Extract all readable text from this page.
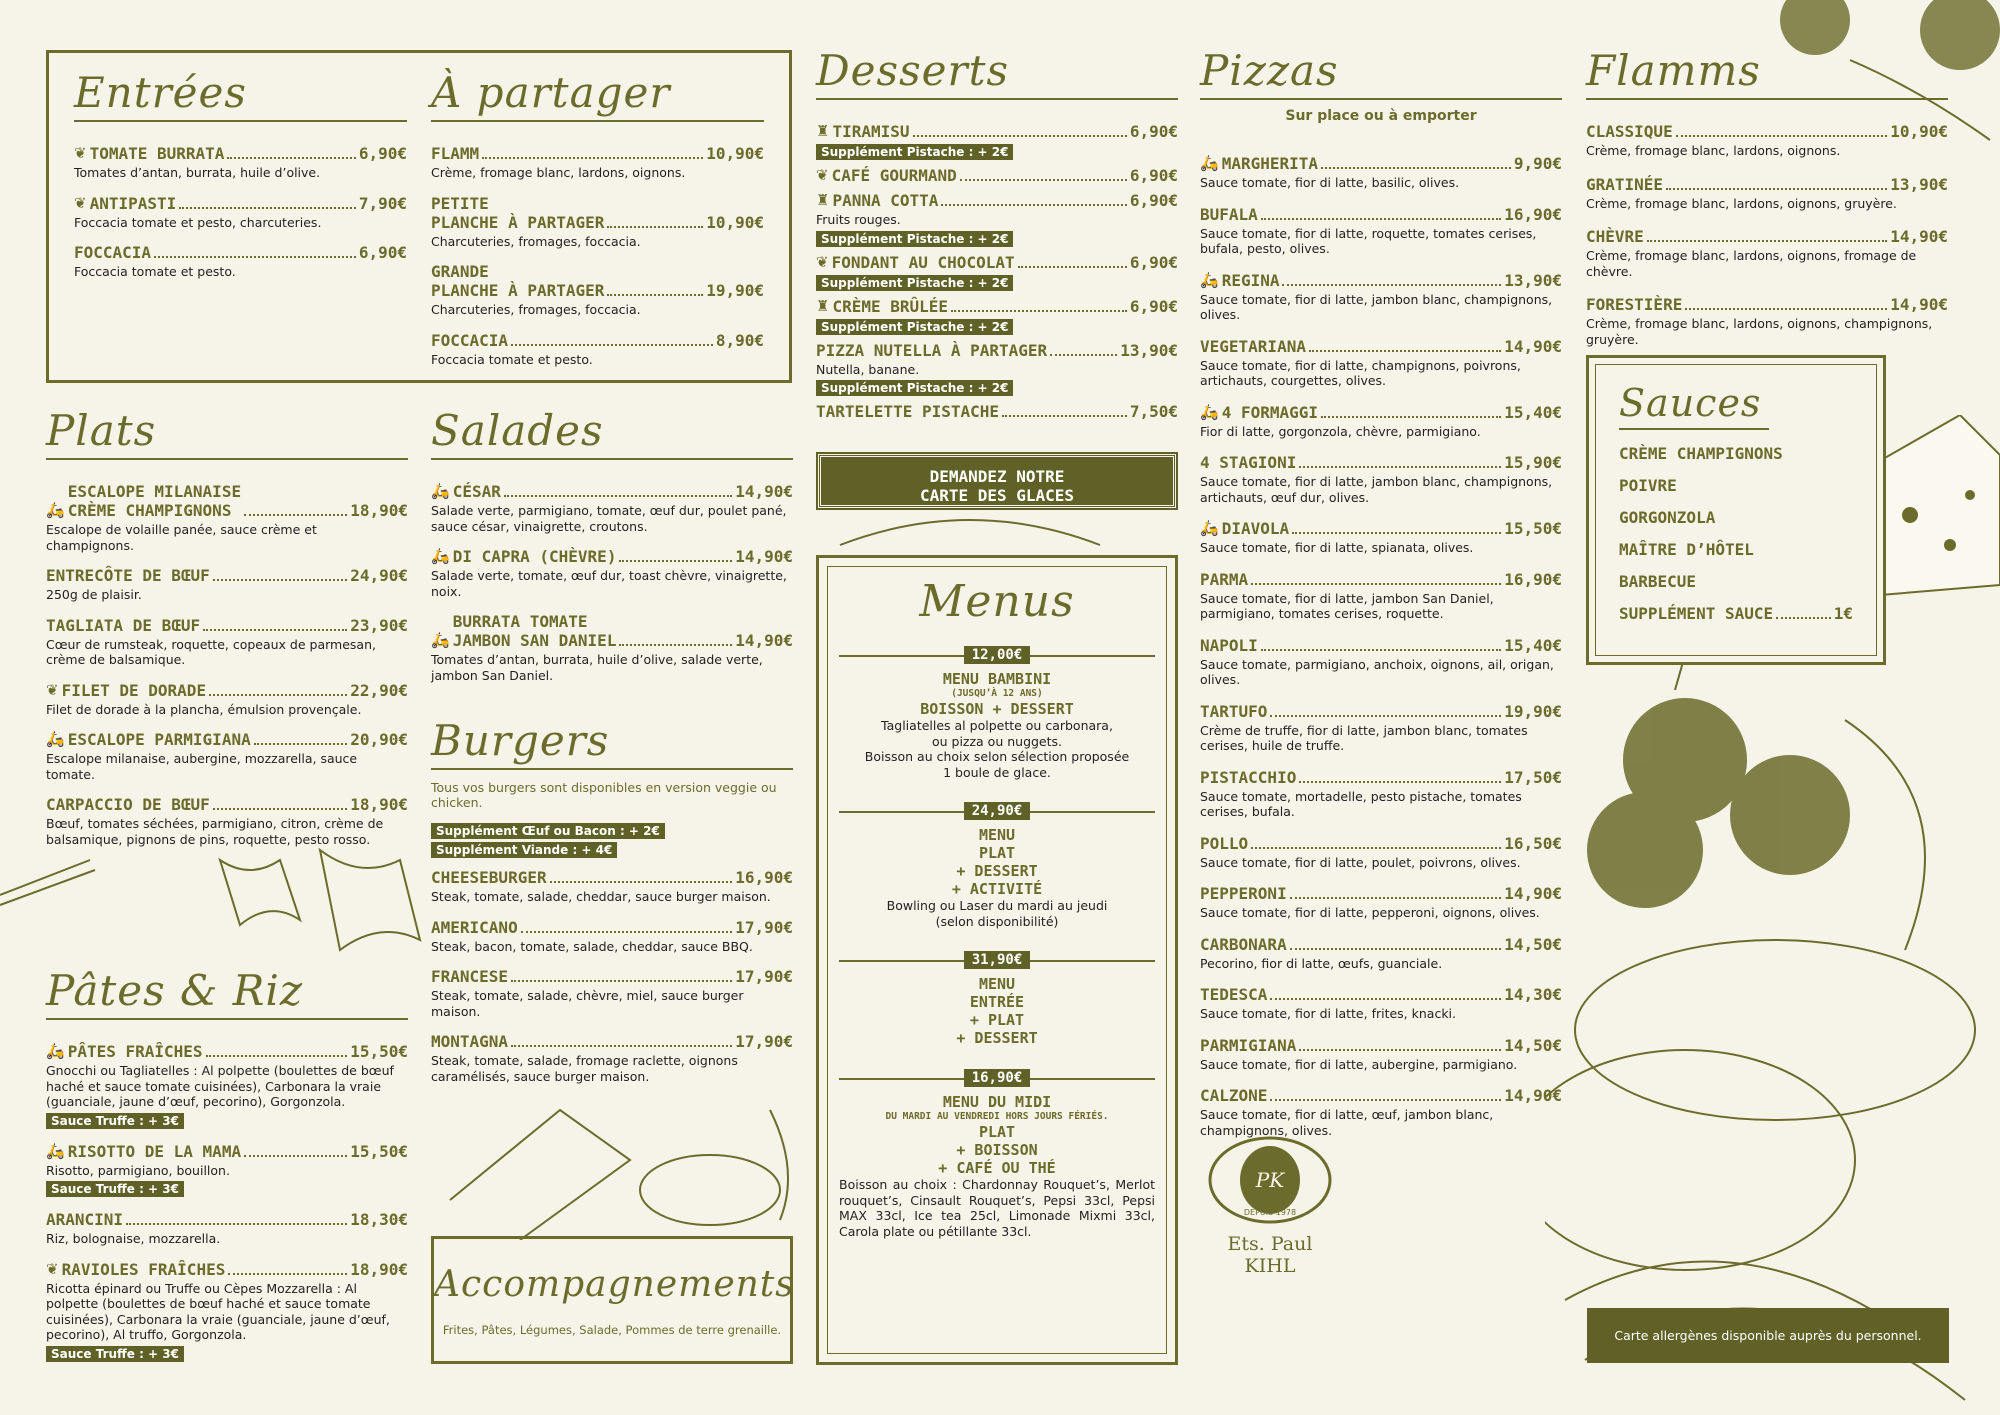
Entrées
❦ TOMATE BURRATA	6,90€
Tomates d’antan, burrata, huile d’olive.
❦ ANTIPASTI	7,90€
Foccacia tomate et pesto, charcuteries.
FOCCACIA	6,90€
Foccacia tomate et pesto.
À partager
FLAMM	10,90€
Crème, fromage blanc, lardons, oignons.
PETITE
PLANCHE À PARTAGER	10,90€
Charcuteries, fromages, foccacia.
GRANDE
PLANCHE À PARTAGER	19,90€
Charcuteries, fromages, foccacia.
FOCCACIA	8,90€
Foccacia tomate et pesto.
Plats
🛵
ESCALOPE MILANAISE
CRÈME CHAMPIGNONS	18,90€
Escalope de volaille panée, sauce crème et champignons.
ENTRECÔTE DE BŒUF	24,90€
250g de plaisir.
TAGLIATA DE BŒUF	23,90€
Cœur de rumsteak, roquette, copeaux de parmesan, crème de balsamique.
❦ FILET DE DORADE	22,90€
Filet de dorade à la plancha, émulsion provençale.
🛵 ESCALOPE PARMIGIANA	20,90€
Escalope milanaise, aubergine, mozzarella, sauce tomate.
CARPACCIO DE BŒUF	18,90€
Bœuf, tomates séchées, parmigiano, citron, crème de balsamique, pignons de pins, roquette, pesto rosso.
Salades
🛵 CÉSAR	14,90€
Salade verte, parmigiano, tomate, œuf dur, poulet pané, sauce césar, vinaigrette, croutons.
🛵 DI CAPRA (CHÈVRE)	14,90€
Salade verte, tomate, œuf dur, toast chèvre, vinaigrette, noix.
🛵
BURRATA TOMATE
JAMBON SAN DANIEL	14,90€
Tomates d’antan, burrata, huile d’olive, salade verte, jambon San Daniel.
Burgers
Tous vos burgers sont disponibles en version veggie ou chicken.
Supplément Œuf ou Bacon : + 2€
Supplément Viande : + 4€
CHEESEBURGER	16,90€
Steak, tomate, salade, cheddar, sauce burger maison.
AMERICANO	17,90€
Steak, bacon, tomate, salade, cheddar, sauce BBQ.
FRANCESE	17,90€
Steak, tomate, salade, chèvre, miel, sauce burger maison.
MONTAGNA	17,90€
Steak, tomate, salade, fromage raclette, oignons caramélisés, sauce burger maison.
Pâtes & Riz
🛵 PÂTES FRAÎCHES	15,50€
Gnocchi ou Tagliatelles : Al polpette (boulettes de bœuf haché et sauce tomate cuisinées), Carbonara la vraie (guanciale, jaune d’œuf, pecorino), Gorgonzola.
Sauce Truffe : + 3€
🛵 RISOTTO DE LA MAMA	15,50€
Risotto, parmigiano, bouillon.
Sauce Truffe : + 3€
ARANCINI	18,30€
Riz, bolognaise, mozzarella.
❦ RAVIOLES FRAÎCHES	18,90€
Ricotta épinard ou Truffe ou Cèpes Mozzarella : Al polpette (boulettes de bœuf haché et sauce tomate cuisinées), Carbonara la vraie (guanciale, jaune d’œuf, pecorino), Al truffo, Gorgonzola.
Sauce Truffe : + 3€
Accompagnements
Frites, Pâtes, Légumes, Salade, Pommes de terre grenaille.
Desserts
♜ TIRAMISU	6,90€
Supplément Pistache : + 2€
❦ CAFÉ GOURMAND	6,90€
♜ PANNA COTTA	6,90€
Fruits rouges.
Supplément Pistache : + 2€
❦ FONDANT AU CHOCOLAT	6,90€
Supplément Pistache : + 2€
♜ CRÈME BRÛLÉE	6,90€
Supplément Pistache : + 2€
PIZZA NUTELLA À PARTAGER	13,90€
Nutella, banane.
Supplément Pistache : + 2€
TARTELETTE PISTACHE	7,50€
DEMANDEZ NOTRE
CARTE DES GLACES
Menus
12,00€
MENU BAMBINI
(JUSQU’À 12 ANS)
BOISSON + DESSERT
Tagliatelles al polpette ou carbonara,
ou pizza ou nuggets.
Boisson au choix selon sélection proposée
1 boule de glace.
24,90€
MENU
PLAT
+ DESSERT
+ ACTIVITÉ
Bowling ou Laser du mardi au jeudi
(selon disponibilité)
31,90€
MENU
ENTRÉE
+ PLAT
+ DESSERT
16,90€
MENU DU MIDI
DU MARDI AU VENDREDI HORS JOURS FÉRIÉS.
PLAT
+ BOISSON
+ CAFÉ OU THÉ
Boisson au choix : Chardonnay Rouquet’s, Merlot rouquet’s, Cinsault Rouquet’s, Pepsi 33cl, Pepsi MAX 33cl, Ice tea 25cl, Limonade Mixmi 33cl, Carola plate ou pétillante 33cl.
Pizzas
Sur place ou à emporter
🛵 MARGHERITA	9,90€
Sauce tomate, fior di latte, basilic, olives.
BUFALA	16,90€
Sauce tomate, fior di latte, roquette, tomates cerises, bufala, pesto, olives.
🛵 REGINA	13,90€
Sauce tomate, fior di latte, jambon blanc, champignons, olives.
VEGETARIANA	14,90€
Sauce tomate, fior di latte, champignons, poivrons, artichauts, courgettes, olives.
🛵 4 FORMAGGI	15,40€
Fior di latte, gorgonzola, chèvre, parmigiano.
4 STAGIONI	15,90€
Sauce tomate, fior di latte, jambon blanc, champignons, artichauts, œuf dur, olives.
🛵 DIAVOLA	15,50€
Sauce tomate, fior di latte, spianata, olives.
PARMA	16,90€
Sauce tomate, fior di latte, jambon San Daniel, parmigiano, tomates cerises, roquette.
NAPOLI	15,40€
Sauce tomate, parmigiano, anchoix, oignons, ail, origan, olives.
TARTUFO	19,90€
Crème de truffe, fior di latte, jambon blanc, tomates cerises, huile de truffe.
PISTACCHIO	17,50€
Sauce tomate, mortadelle, pesto pistache, tomates cerises, bufala.
POLLO	16,50€
Sauce tomate, fior di latte, poulet, poivrons, olives.
PEPPERONI	14,90€
Sauce tomate, fior di latte, pepperoni, oignons, olives.
CARBONARA	14,50€
Pecorino, fior di latte, œufs, guanciale.
TEDESCA	14,30€
Sauce tomate, fior di latte, frites, knacki.
PARMIGIANA	14,50€
Sauce tomate, fior di latte, aubergine, parmigiano.
CALZONE	14,90€
Sauce tomate, fior di latte, œuf, jambon blanc, champignons, olives.
PK
DEPUIS 1978
Ets. Paul KIHL
Flamms
CLASSIQUE	10,90€
Crème, fromage blanc, lardons, oignons.
GRATINÉE	13,90€
Crème, fromage blanc, lardons, oignons, gruyère.
CHÈVRE	14,90€
Crème, fromage blanc, lardons, oignons, fromage de chèvre.
FORESTIÈRE	14,90€
Crème, fromage blanc, lardons, oignons, champignons, gruyère.
Sauces
CRÈME CHAMPIGNONS
POIVRE
GORGONZOLA
MAÎTRE D’HÔTEL
BARBECUE
SUPPLÉMENT SAUCE	1€
Carte allergènes disponible auprès du personnel.
